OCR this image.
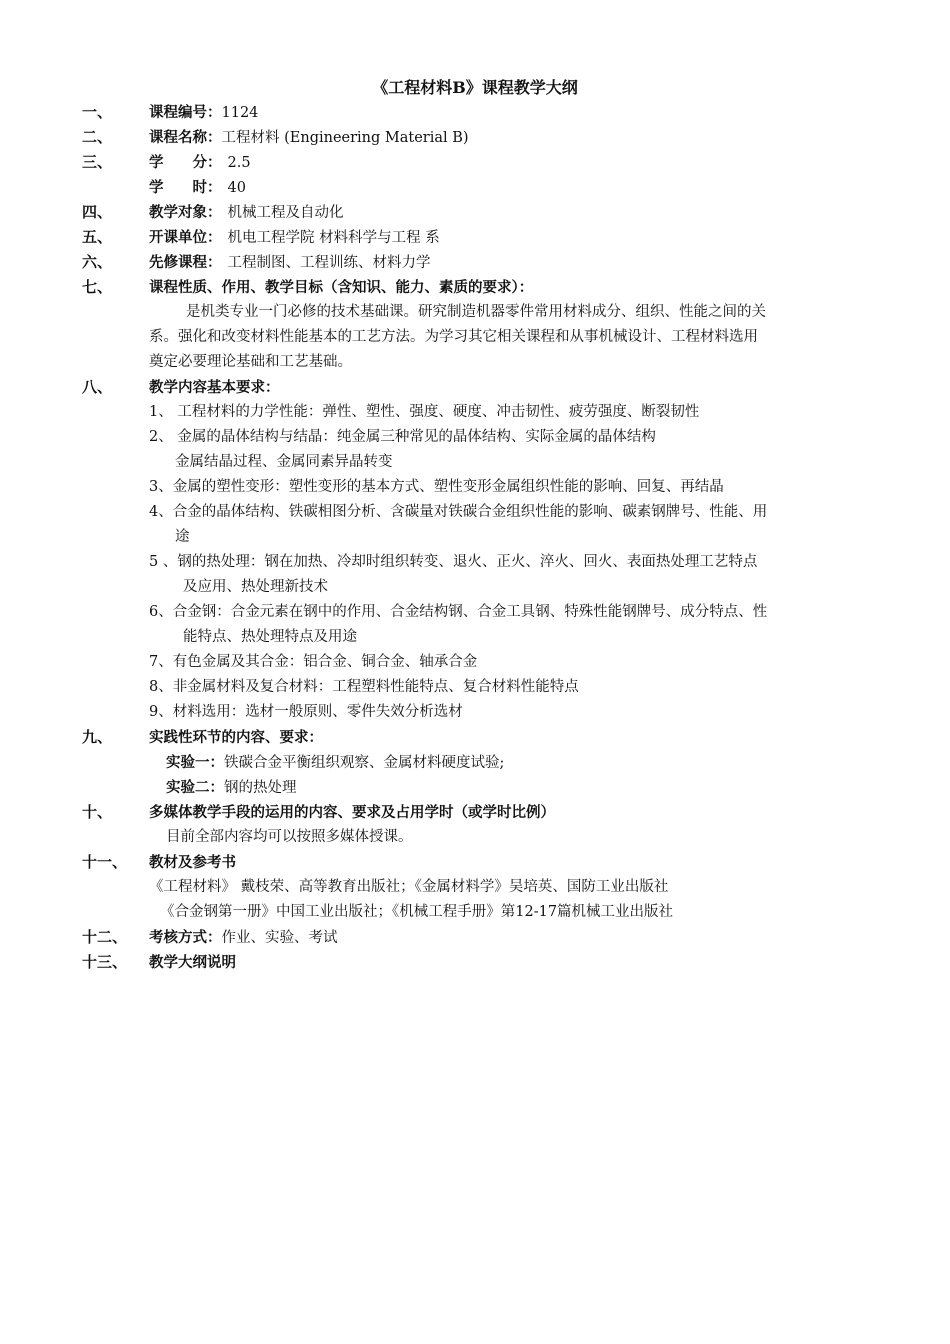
《工程材料B》课程教学大纲
一、	课程编号：1124
二、	课程名称：工程材料 (Engineering Material B)
三、	学　　分： 2.5
学　　时： 40
四、	教学对象： 机械工程及自动化
五、	开课单位： 机电工程学院 材料科学与工程 系
六、	先修课程： 工程制图、工程训练、材料力学
七、	课程性质、作用、教学目标（含知识、能力、素质的要求）：
是机类专业一门必修的技术基础课。研究制造机器零件常用材料成分、组织、性能之间的关
系。强化和改变材料性能基本的工艺方法。为学习其它相关课程和从事机械设计、工程材料选用
奠定必要理论基础和工艺基础。
八、	教学内容基本要求：
1、 工程材料的力学性能：弹性、塑性、强度、硬度、冲击韧性、疲劳强度、断裂韧性
2、 金属的晶体结构与结晶：纯金属三种常见的晶体结构、实际金属的晶体结构
金属结晶过程、金属同素异晶转变
3、金属的塑性变形：塑性变形的基本方式、塑性变形金属组织性能的影响、回复、再结晶
4、合金的晶体结构、铁碳相图分析、含碳量对铁碳合金组织性能的影响、碳素钢牌号、性能、用
途
5 、钢的热处理：钢在加热、冷却时组织转变、退火、正火、淬火、回火、表面热处理工艺特点
及应用、热处理新技术
6、合金钢：合金元素在钢中的作用、合金结构钢、合金工具钢、特殊性能钢牌号、成分特点、性
能特点、热处理特点及用途
7、有色金属及其合金：铝合金、铜合金、轴承合金
8、非金属材料及复合材料：工程塑料性能特点、复合材料性能特点
9、材料选用：选材一般原则、零件失效分析选材
九、	实践性环节的内容、要求：
实验一：铁碳合金平衡组织观察、金属材料硬度试验;
实验二：钢的热处理
十、	多媒体教学手段的运用的内容、要求及占用学时（或学时比例）
目前全部内容均可以按照多媒体授课。
十一、 教材及参考书
《工程材料》 戴枝荣、高等教育出版社；《金属材料学》吴培英、国防工业出版社
《合金钢第一册》中国工业出版社；《机械工程手册》第12-17篇机械工业出版社
十二、 考核方式：作业、实验、考试
十三、 教学大纲说明
